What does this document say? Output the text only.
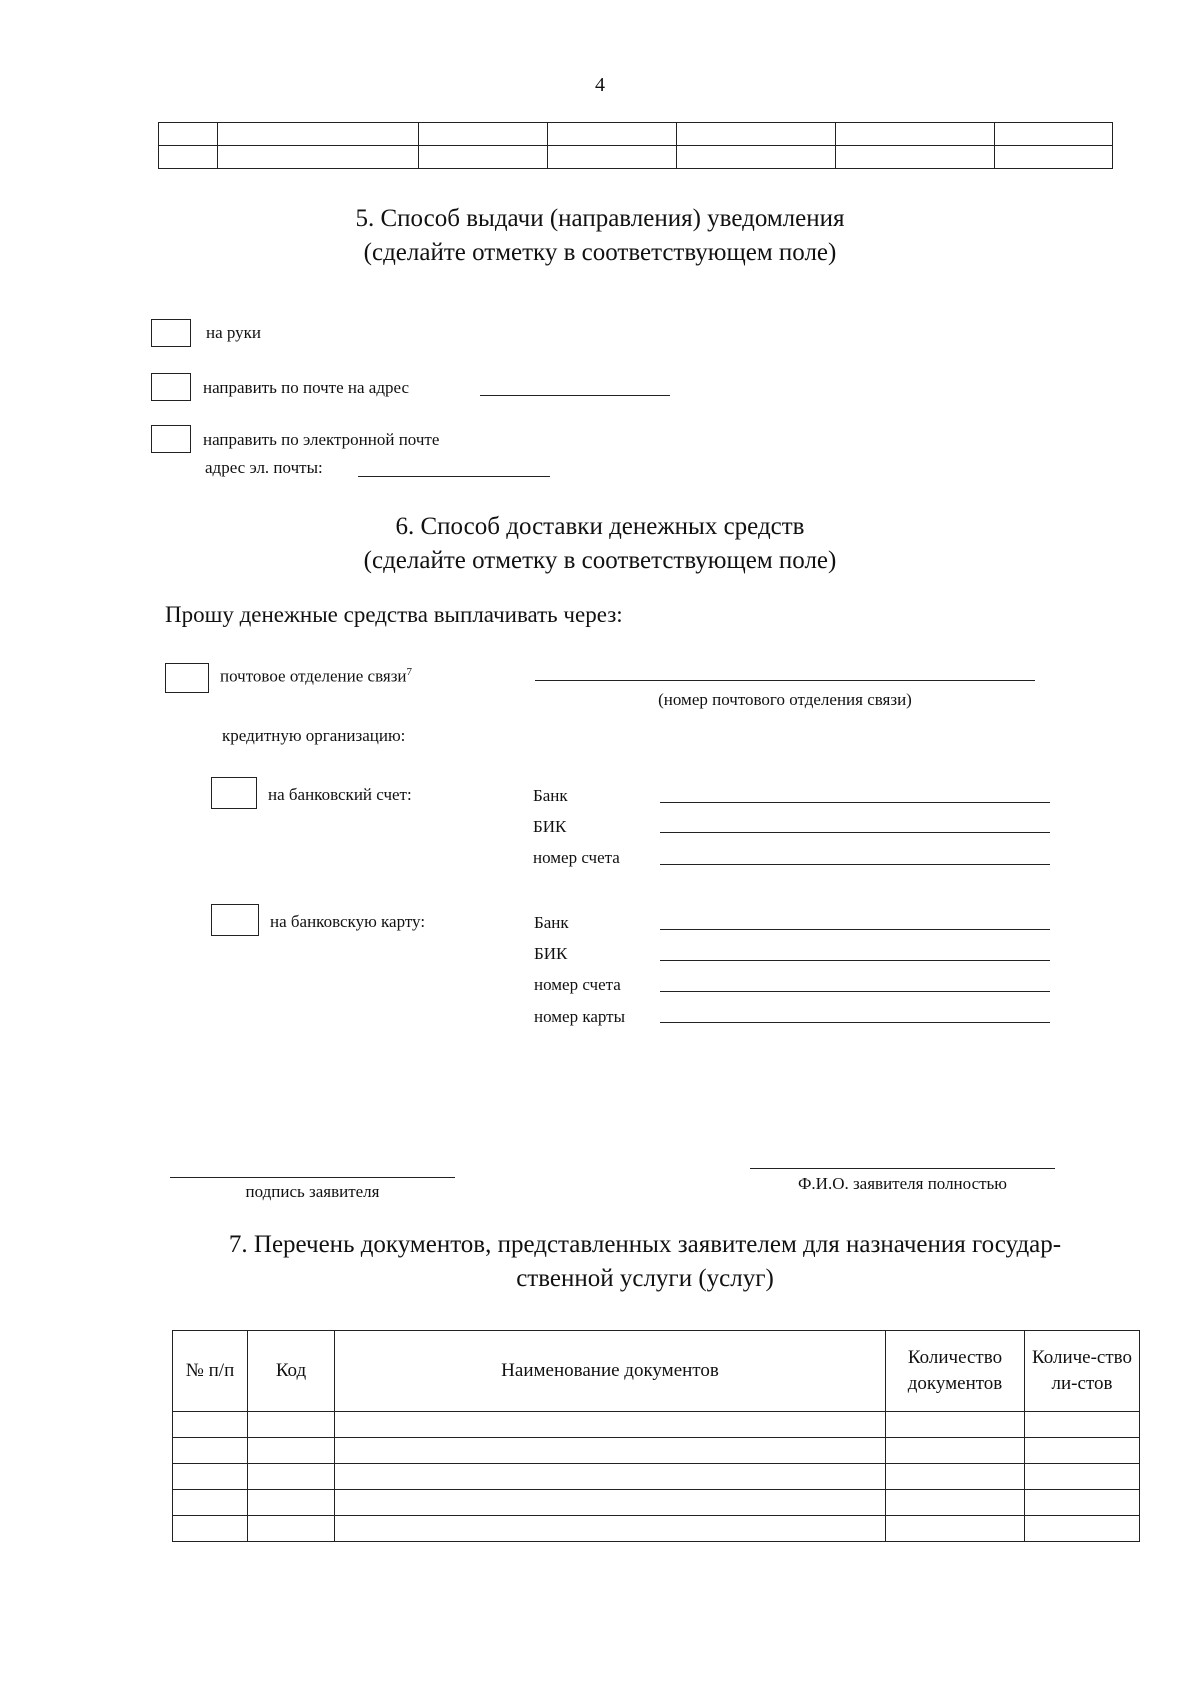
4

5. Способ выдачи (направления) уведомления
(сделайте отметку в соответствующем поле)
на руки
направить по почте на адрес
направить по электронной почте
адрес эл. почты:
6. Способ доставки денежных средств
(сделайте отметку в соответствующем поле)
Прошу денежные средства выплачивать через:
почтовое отделение связи$^7$
(номер почтового отделения связи)
кредитную организацию:
на банковский счет:	Банк
БИК
номер счета
на банковскую карту:	Банк
БИК
номер счета
номер карты
подпись заявителя	Ф.И.О. заявителя полностью
7. Перечень документов, представленных заявителем для назначения государ-
ственной услуги (услуг)
№ п/п	Код	Наименование документов	Количество документов	Количе-ство ли-стов
